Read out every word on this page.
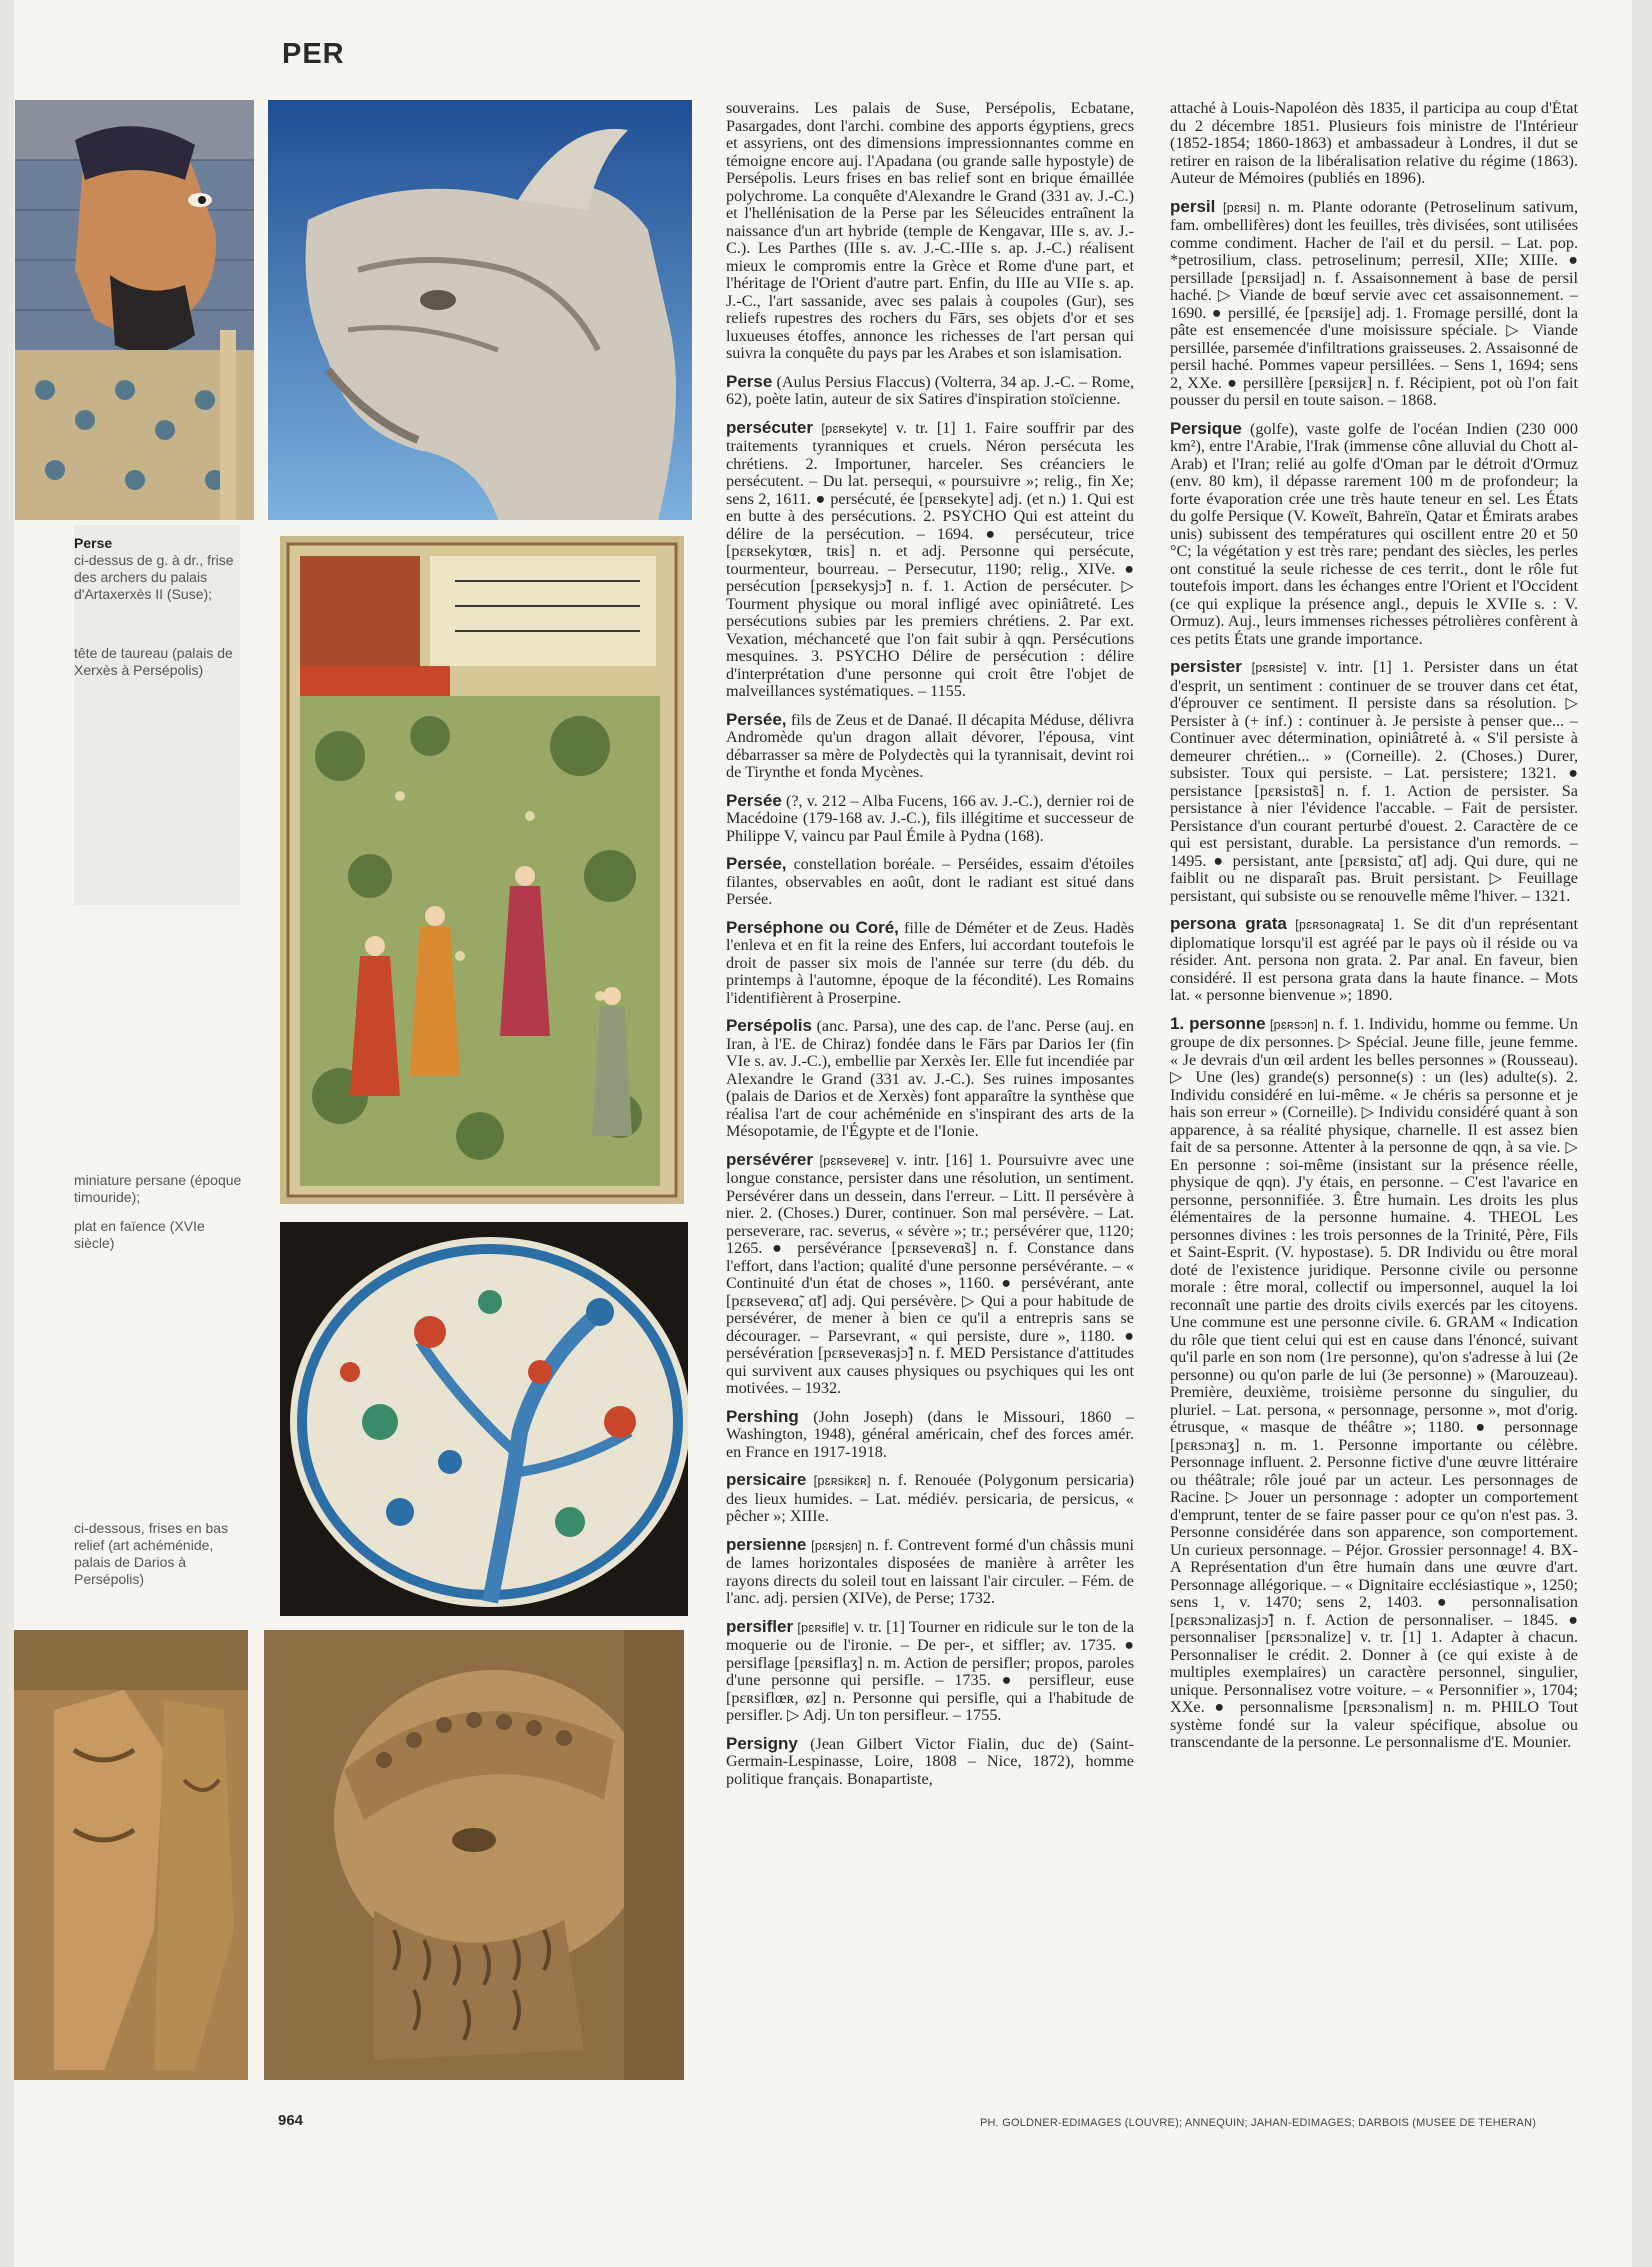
PER
Perse
ci-dessus de g. à dr., frise des archers du palais d'Artaxerxès II (Suse);
tête de taureau (palais de Xerxès à Persépolis)
miniature persane (époque timouride);
plat en faïence (XVIe siècle)
ci-dessous, frises en bas relief (art achéménide, palais de Darios à Persépolis)

souverains. Les palais de Suse, Persépolis, Ecbatane, Pasargades, dont l'archi. combine des apports égyptiens, grecs et assyriens, ont des dimensions impressionnantes comme en témoigne encore auj. l'Apadana (ou grande salle hypostyle) de Persépolis. Leurs frises en bas relief sont en brique émaillée polychrome. La conquête d'Alexandre le Grand (331 av. J.-C.) et l'hellénisation de la Perse par les Séleucides entraînent la naissance d'un art hybride (temple de Kengavar, IIIe s. av. J.-C.). Les Parthes (IIIe s. av. J.-C.-IIIe s. ap. J.-C.) réalisent mieux le compromis entre la Grèce et Rome d'une part, et l'héritage de l'Orient d'autre part. Enfin, du IIIe au VIIe s. ap. J.-C., l'art sassanide, avec ses palais à coupoles (Gur), ses reliefs rupestres des rochers du Fārs, ses objets d'or et ses luxueuses étoffes, annonce les richesses de l'art persan qui suivra la conquête du pays par les Arabes et son islamisation.

Perse (Aulus Persius Flaccus) (Volterra, 34 ap. J.-C. – Rome, 62), poète latin, auteur de six Satires d'inspiration stoïcienne.

persécuter [pɛʀsekyte] v. tr. [1] 1. Faire souffrir par des traitements tyranniques et cruels. Néron persécuta les chrétiens. 2. Importuner, harceler. Ses créanciers le persécutent. – Du lat. persequi, « poursuivre »; relig., fin Xe; sens 2, 1611. ● persécuté, ée [pɛʀsekyte] adj. (et n.) 1. Qui est en butte à des persécutions. 2. PSYCHO Qui est atteint du délire de la persécution. – 1694. ● persécuteur, trice [pɛʀsekytœʀ, tʀis] n. et adj. Personne qui persécute, tourmenteur, bourreau. – Persecutur, 1190; relig., XIVe. ● persécution [pɛʀsekysjɔ̃] n. f. 1. Action de persécuter. ▷ Tourment physique ou moral infligé avec opiniâtreté. Les persécutions subies par les premiers chrétiens. 2. Par ext. Vexation, méchanceté que l'on fait subir à qqn. Persécutions mesquines. 3. PSYCHO Délire de persécution : délire d'interprétation d'une personne qui croit être l'objet de malveillances systématiques. – 1155.

Persée, fils de Zeus et de Danaé. Il décapita Méduse, délivra Andromède qu'un dragon allait dévorer, l'épousa, vint débarrasser sa mère de Polydectès qui la tyrannisait, devint roi de Tirynthe et fonda Mycènes.

Persée (?, v. 212 – Alba Fucens, 166 av. J.-C.), dernier roi de Macédoine (179-168 av. J.-C.), fils illégitime et successeur de Philippe V, vaincu par Paul Émile à Pydna (168).

Persée, constellation boréale. – Perséides, essaim d'étoiles filantes, observables en août, dont le radiant est situé dans Persée.

Perséphone ou Coré, fille de Déméter et de Zeus. Hadès l'enleva et en fit la reine des Enfers, lui accordant toutefois le droit de passer six mois de l'année sur terre (du déb. du printemps à l'automne, époque de la fécondité). Les Romains l'identifièrent à Proserpine.

Persépolis (anc. Parsa), une des cap. de l'anc. Perse (auj. en Iran, à l'E. de Chiraz) fondée dans le Fārs par Darios Ier (fin VIe s. av. J.-C.), embellie par Xerxès Ier. Elle fut incendiée par Alexandre le Grand (331 av. J.-C.). Ses ruines imposantes (palais de Darios et de Xerxès) font apparaître la synthèse que réalisa l'art de cour achéménide en s'inspirant des arts de la Mésopotamie, de l'Égypte et de l'Ionie.

persévérer [pɛʀseveʀe] v. intr. [16] 1. Poursuivre avec une longue constance, persister dans une résolution, un sentiment. Persévérer dans un dessein, dans l'erreur. – Litt. Il persévère à nier. 2. (Choses.) Durer, continuer. Son mal persévère. – Lat. perseverare, rac. severus, « sévère »; tr.; persévérer que, 1120; 1265. ● persévérance [pɛʀseveʀɑ̃s] n. f. Constance dans l'effort, dans l'action; qualité d'une personne persévérante. – « Continuité d'un état de choses », 1160. ● persévérant, ante [pɛʀseveʀɑ̃, ɑ̃t] adj. Qui persévère. ▷ Qui a pour habitude de persévérer, de mener à bien ce qu'il a entrepris sans se décourager. – Parsevrant, « qui persiste, dure », 1180. ● persévération [pɛʀseveʀasjɔ̃] n. f. MED Persistance d'attitudes qui survivent aux causes physiques ou psychiques qui les ont motivées. – 1932.

Pershing (John Joseph) (dans le Missouri, 1860 – Washington, 1948), général américain, chef des forces amér. en France en 1917-1918.

persicaire [pɛʀsikɛʀ] n. f. Renouée (Polygonum persicaria) des lieux humides. – Lat. médiév. persicaria, de persicus, « pêcher »; XIIIe.

persienne [pɛʀsjɛn] n. f. Contrevent formé d'un châssis muni de lames horizontales disposées de manière à arrêter les rayons directs du soleil tout en laissant l'air circuler. – Fém. de l'anc. adj. persien (XIVe), de Perse; 1732.

persifler [pɛʀsifle] v. tr. [1] Tourner en ridicule sur le ton de la moquerie ou de l'ironie. – De per-, et siffler; av. 1735. ● persiflage [pɛʀsiflaʒ] n. m. Action de persifler; propos, paroles d'une personne qui persifle. – 1735. ● persifleur, euse [pɛʀsiflœʀ, øz] n. Personne qui persifle, qui a l'habitude de persifler. ▷ Adj. Un ton persifleur. – 1755.

Persigny (Jean Gilbert Victor Fialin, duc de) (Saint-Germain-Lespinasse, Loire, 1808 – Nice, 1872), homme politique français. Bonapartiste,

attaché à Louis-Napoléon dès 1835, il participa au coup d'État du 2 décembre 1851. Plusieurs fois ministre de l'Intérieur (1852-1854; 1860-1863) et ambassadeur à Londres, il dut se retirer en raison de la libéralisation relative du régime (1863). Auteur de Mémoires (publiés en 1896).

persil [pɛʀsi] n. m. Plante odorante (Petroselinum sativum, fam. ombellifères) dont les feuilles, très divisées, sont utilisées comme condiment. Hacher de l'ail et du persil. – Lat. pop. *petrosilium, class. petroselinum; perresil, XIIe; XIIIe. ● persillade [pɛʀsijad] n. f. Assaisonnement à base de persil haché. ▷ Viande de bœuf servie avec cet assaisonnement. – 1690. ● persillé, ée [pɛʀsije] adj. 1. Fromage persillé, dont la pâte est ensemencée d'une moisissure spéciale. ▷ Viande persillée, parsemée d'infiltrations graisseuses. 2. Assaisonné de persil haché. Pommes vapeur persillées. – Sens 1, 1694; sens 2, XXe. ● persillère [pɛʀsijɛʀ] n. f. Récipient, pot où l'on fait pousser du persil en toute saison. – 1868.

Persique (golfe), vaste golfe de l'océan Indien (230 000 km²), entre l'Arabie, l'Irak (immense cône alluvial du Chott al-Arab) et l'Iran; relié au golfe d'Oman par le détroit d'Ormuz (env. 80 km), il dépasse rarement 100 m de profondeur; la forte évaporation crée une très haute teneur en sel. Les États du golfe Persique (V. Koweït, Bahreïn, Qatar et Émirats arabes unis) subissent des températures qui oscillent entre 20 et 50 °C; la végétation y est très rare; pendant des siècles, les perles ont constitué la seule richesse de ces territ., dont le rôle fut toutefois import. dans les échanges entre l'Orient et l'Occident (ce qui explique la présence angl., depuis le XVIIe s. : V. Ormuz). Auj., leurs immenses richesses pétrolières confèrent à ces petits États une grande importance.

persister [pɛʀsiste] v. intr. [1] 1. Persister dans un état d'esprit, un sentiment : continuer de se trouver dans cet état, d'éprouver ce sentiment. Il persiste dans sa résolution. ▷ Persister à (+ inf.) : continuer à. Je persiste à penser que... – Continuer avec détermination, opiniâtreté à. « S'il persiste à demeurer chrétien... » (Corneille). 2. (Choses.) Durer, subsister. Toux qui persiste. – Lat. persistere; 1321. ● persistance [pɛʀsistɑ̃s] n. f. 1. Action de persister. Sa persistance à nier l'évidence l'accable. – Fait de persister. Persistance d'un courant perturbé d'ouest. 2. Caractère de ce qui est persistant, durable. La persistance d'un remords. – 1495. ● persistant, ante [pɛʀsistɑ̃, ɑ̃t] adj. Qui dure, qui ne faiblit ou ne disparaît pas. Bruit persistant. ▷ Feuillage persistant, qui subsiste ou se renouvelle même l'hiver. – 1321.

persona grata [pɛʀsonagʀata] 1. Se dit d'un représentant diplomatique lorsqu'il est agréé par le pays où il réside ou va résider. Ant. persona non grata. 2. Par anal. En faveur, bien considéré. Il est persona grata dans la haute finance. – Mots lat. « personne bienvenue »; 1890.

1. personne [pɛʀsɔn] n. f. 1. Individu, homme ou femme. Un groupe de dix personnes. ▷ Spécial. Jeune fille, jeune femme. « Je devrais d'un œil ardent les belles personnes » (Rousseau). ▷ Une (les) grande(s) personne(s) : un (les) adulte(s). 2. Individu considéré en lui-même. « Je chéris sa personne et je hais son erreur » (Corneille). ▷ Individu considéré quant à son apparence, à sa réalité physique, charnelle. Il est assez bien fait de sa personne. Attenter à la personne de qqn, à sa vie. ▷ En personne : soi-même (insistant sur la présence réelle, physique de qqn). J'y étais, en personne. – C'est l'avarice en personne, personnifiée. 3. Être humain. Les droits les plus élémentaires de la personne humaine. 4. THEOL Les personnes divines : les trois personnes de la Trinité, Père, Fils et Saint-Esprit. (V. hypostase). 5. DR Individu ou être moral doté de l'existence juridique. Personne civile ou personne morale : être moral, collectif ou impersonnel, auquel la loi reconnaît une partie des droits civils exercés par les citoyens. Une commune est une personne civile. 6. GRAM « Indication du rôle que tient celui qui est en cause dans l'énoncé, suivant qu'il parle en son nom (1re personne), qu'on s'adresse à lui (2e personne) ou qu'on parle de lui (3e personne) » (Marouzeau). Première, deuxième, troisième personne du singulier, du pluriel. – Lat. persona, « personnage, personne », mot d'orig. étrusque, « masque de théâtre »; 1180. ● personnage [pɛʀsɔnaʒ] n. m. 1. Personne importante ou célèbre. Personnage influent. 2. Personne fictive d'une œuvre littéraire ou théâtrale; rôle joué par un acteur. Les personnages de Racine. ▷ Jouer un personnage : adopter un comportement d'emprunt, tenter de se faire passer pour ce qu'on n'est pas. 3. Personne considérée dans son apparence, son comportement. Un curieux personnage. – Péjor. Grossier personnage! 4. BX-A Représentation d'un être humain dans une œuvre d'art. Personnage allégorique. – « Dignitaire ecclésiastique », 1250; sens 1, v. 1470; sens 2, 1403. ● personnalisation [pɛʀsɔnalizasjɔ̃] n. f. Action de personnaliser. – 1845. ● personnaliser [pɛʀsɔnalize] v. tr. [1] 1. Adapter à chacun. Personnaliser le crédit. 2. Donner à (ce qui existe à de multiples exemplaires) un caractère personnel, singulier, unique. Personnalisez votre voiture. – « Personnifier », 1704; XXe. ● personnalisme [pɛʀsɔnalism] n. m. PHILO Tout système fondé sur la valeur spécifique, absolue ou transcendante de la personne. Le personnalisme d'E. Mounier.

964	PH. GOLDNER-EDIMAGES (LOUVRE); ANNEQUIN; JAHAN-EDIMAGES; DARBOIS (MUSEE DE TEHERAN)
